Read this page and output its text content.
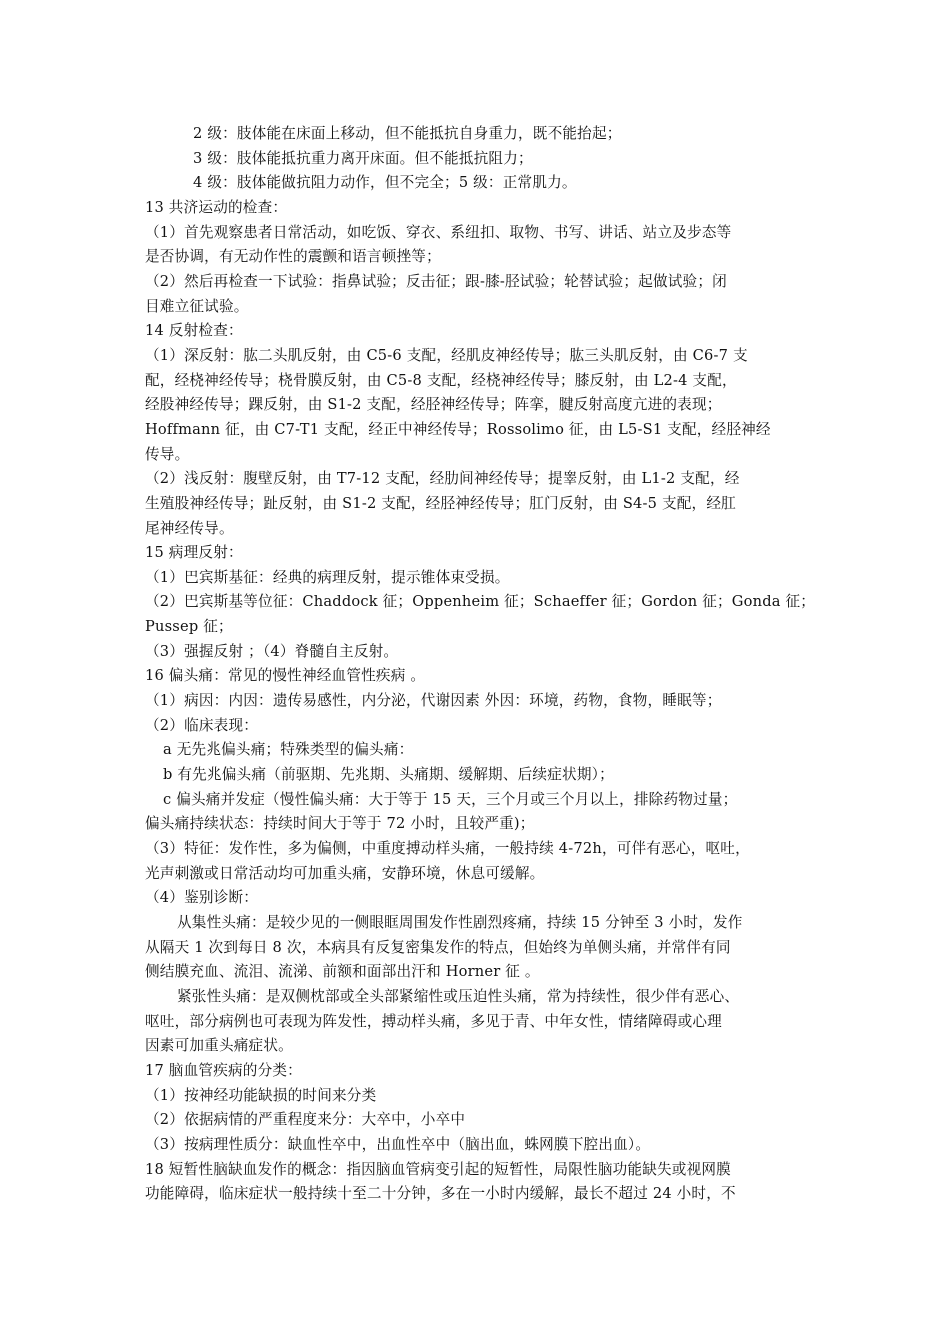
2 级：肢体能在床面上移动，但不能抵抗自身重力，既不能抬起；

3 级：肢体能抵抗重力离开床面。但不能抵抗阻力；

4 级：肢体能做抗阻力动作，但不完全；5 级：正常肌力。

13 共济运动的检查：

（1）首先观察患者日常活动，如吃饭、穿衣、系纽扣、取物、书写、讲话、站立及步态等

是否协调，有无动作性的震颤和语言顿挫等；

（2）然后再检查一下试验：指鼻试验；反击征；跟-膝-胫试验；轮替试验；起做试验；闭

目难立征试验。

14 反射检查：

（1）深反射：肱二头肌反射，由 C5-6 支配，经肌皮神经传导；肱三头肌反射，由 C6-7 支

配，经桡神经传导；桡骨膜反射，由 C5-8 支配，经桡神经传导；膝反射，由 L2-4 支配，

经股神经传导；踝反射，由 S1-2 支配，经胫神经传导；阵挛，腱反射高度亢进的表现；

Hoffmann 征，由 C7-T1 支配，经正中神经传导；Rossolimo 征，由 L5-S1 支配，经胫神经

传导。

（2）浅反射：腹壁反射，由 T7-12 支配，经肋间神经传导；提睾反射，由 L1-2 支配，经

生殖股神经传导；趾反射，由 S1-2 支配，经胫神经传导；肛门反射，由 S4-5 支配，经肛

尾神经传导。

15 病理反射：

（1）巴宾斯基征：经典的病理反射，提示锥体束受损。

（2）巴宾斯基等位征：Chaddock 征；Oppenheim 征；Schaeffer 征；Gordon 征；Gonda 征；

Pussep 征；

（3）强握反射 ；（4）脊髓自主反射。

16 偏头痛：常见的慢性神经血管性疾病 。

（1）病因：内因：遗传易感性，内分泌，代谢因素 外因：环境，药物，食物，睡眠等；

（2）临床表现：

a 无先兆偏头痛；特殊类型的偏头痛：

b 有先兆偏头痛（前驱期、先兆期、头痛期、缓解期、后续症状期）；

c 偏头痛并发症（慢性偏头痛：大于等于 15 天，三个月或三个月以上，排除药物过量；

偏头痛持续状态：持续时间大于等于 72 小时，且较严重)；

（3）特征：发作性，多为偏侧，中重度搏动样头痛，一般持续 4-72h，可伴有恶心，呕吐，

光声刺激或日常活动均可加重头痛，安静环境，休息可缓解。

（4）鉴别诊断：

从集性头痛：是较少见的一侧眼眶周围发作性剧烈疼痛，持续 15 分钟至 3 小时，发作

从隔天 1 次到每日 8 次，本病具有反复密集发作的特点，但始终为单侧头痛，并常伴有同

侧结膜充血、流泪、流涕、前额和面部出汗和 Horner 征 。

紧张性头痛：是双侧枕部或全头部紧缩性或压迫性头痛，常为持续性，很少伴有恶心、

呕吐，部分病例也可表现为阵发性，搏动样头痛，多见于青、中年女性，情绪障碍或心理

因素可加重头痛症状。

17 脑血管疾病的分类：

（1）按神经功能缺损的时间来分类

（2）依据病情的严重程度来分：大卒中，小卒中

（3）按病理性质分：缺血性卒中，出血性卒中（脑出血，蛛网膜下腔出血）。

18 短暂性脑缺血发作的概念：指因脑血管病变引起的短暂性，局限性脑功能缺失或视网膜

功能障碍，临床症状一般持续十至二十分钟，多在一小时内缓解，最长不超过 24 小时，不
